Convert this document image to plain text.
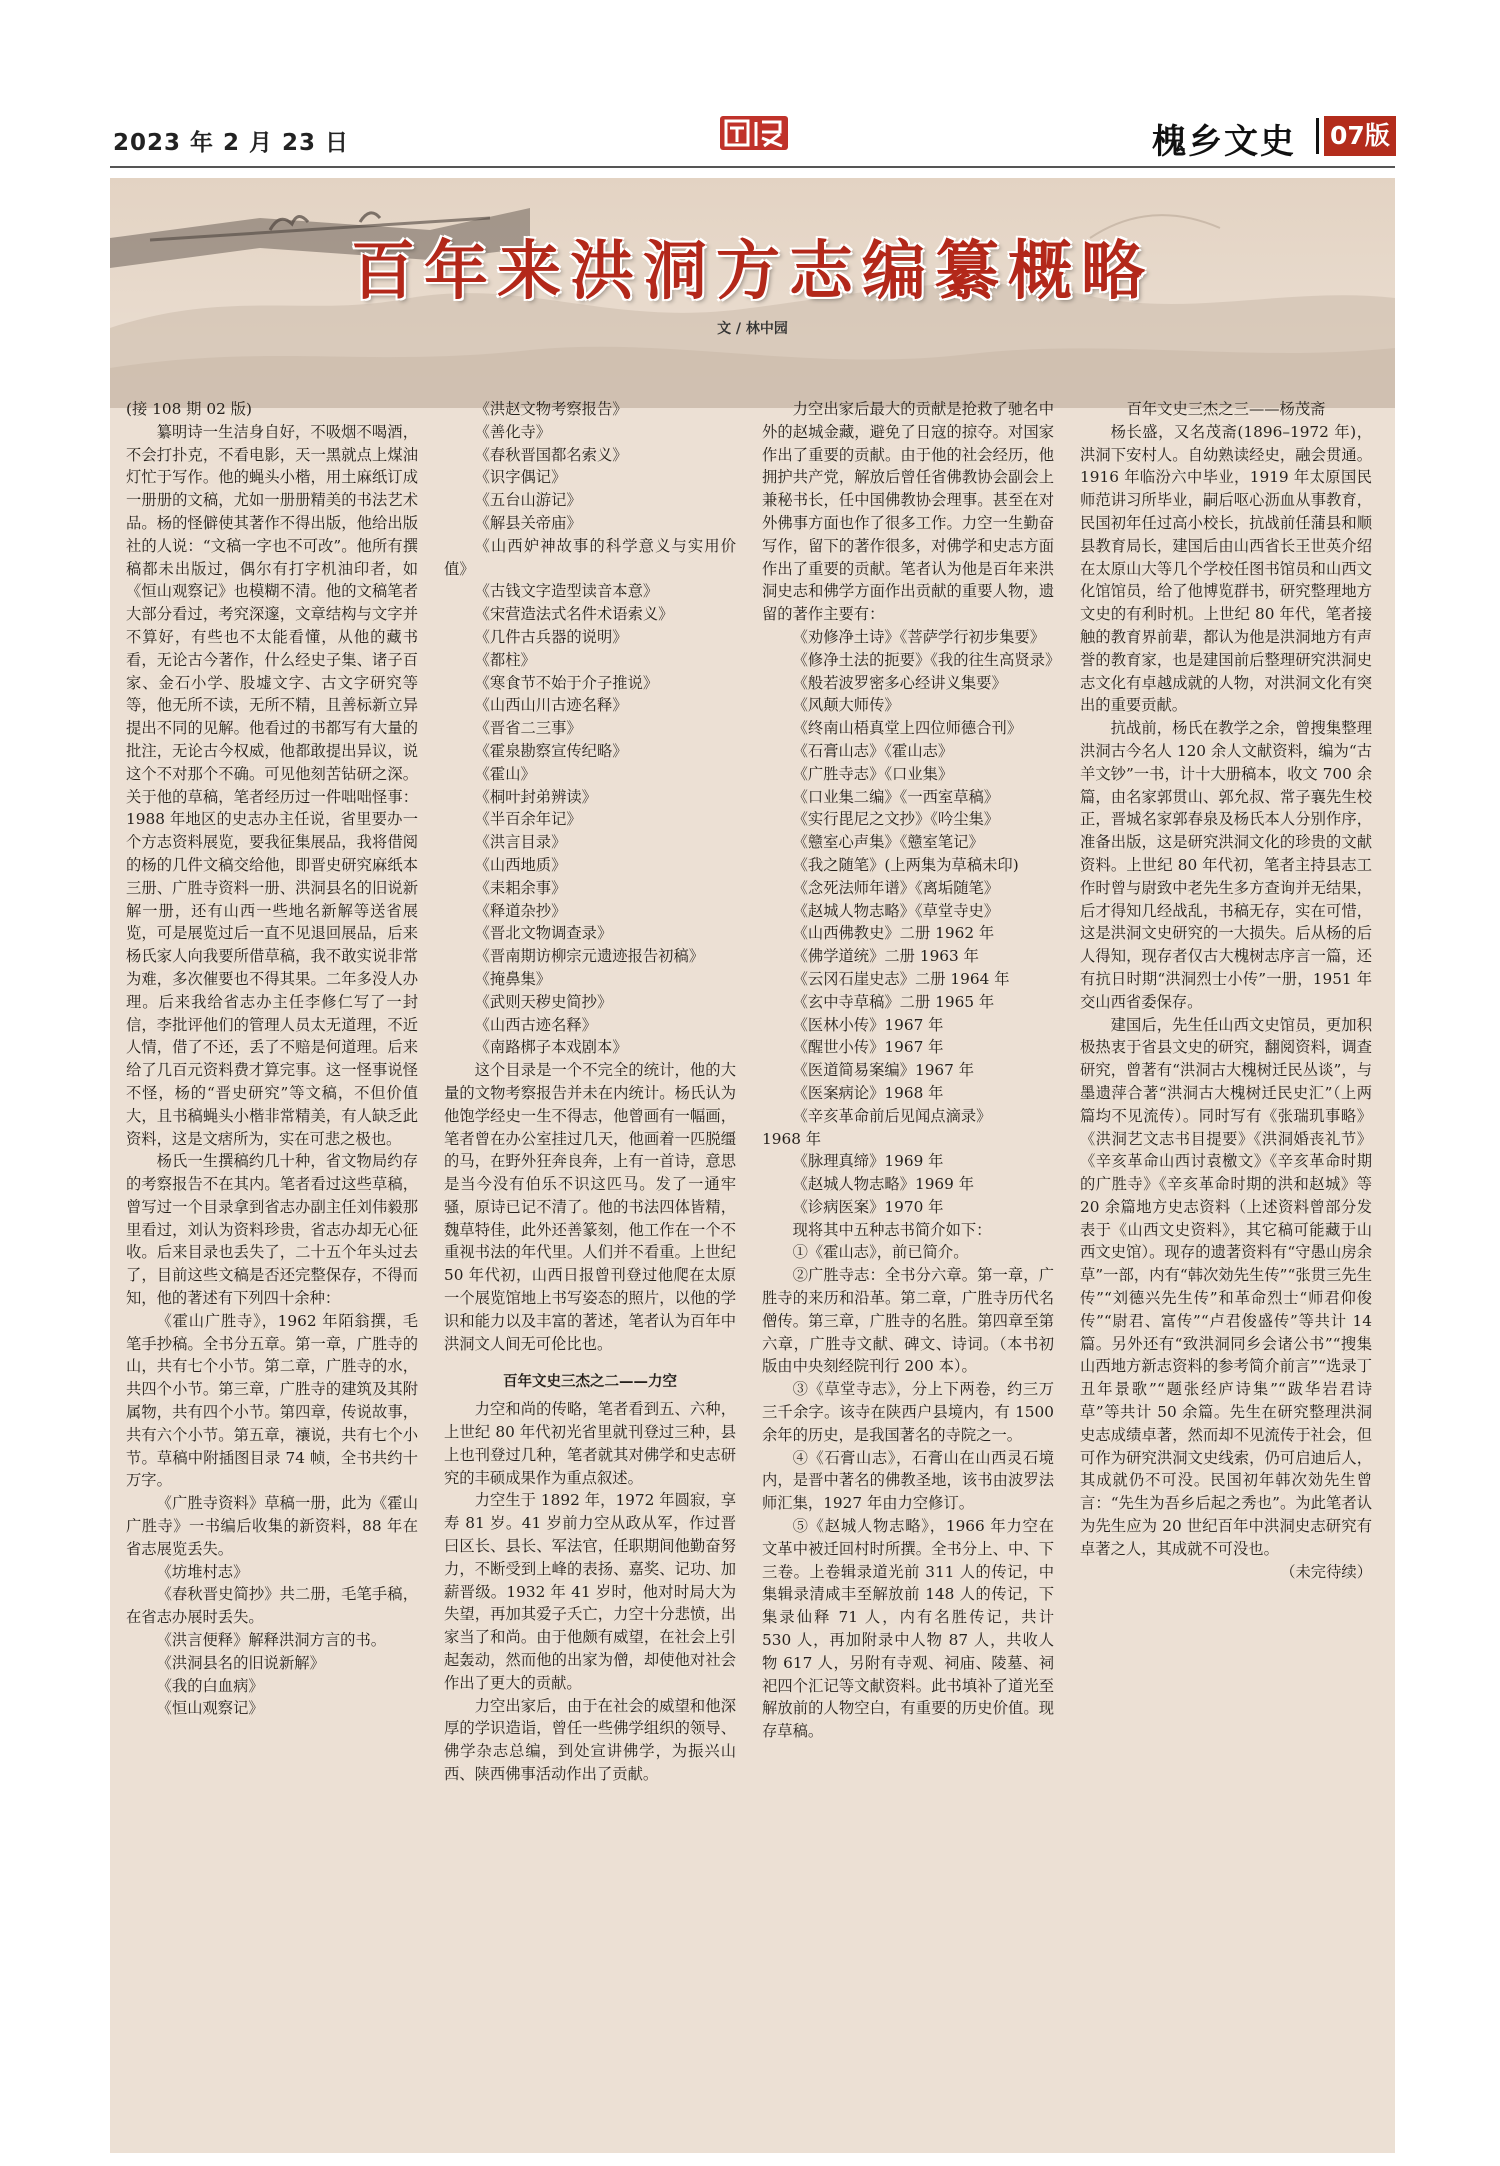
2023 年 2 月 23 日	槐乡文史 07版
百年来洪洞方志编纂概略
文 / 林中园

(接 108 期 02 版)

纂明诗一生洁身自好，不吸烟不喝酒，不会打扑克，不看电影，天一黑就点上煤油灯忙于写作。他的蝇头小楷，用土麻纸订成一册册的文稿，尤如一册册精美的书法艺术品。杨的怪僻使其著作不得出版，他给出版社的人说：“文稿一字也不可改”。他所有撰稿都未出版过，偶尔有打字机油印者，如《恒山观察记》也模糊不清。他的文稿笔者大部分看过，考究深邃，文章结构与文字并不算好，有些也不太能看懂，从他的藏书看，无论古今著作，什么经史子集、诸子百家、金石小学、股墟文字、古文字研究等等，他无所不读，无所不精，且善标新立异提出不同的见解。他看过的书都写有大量的批注，无论古今权威，他都敢提出异议，说这个不对那个不确。可见他刻苦钻研之深。关于他的草稿，笔者经历过一件咄咄怪事：1988 年地区的史志办主任说，省里要办一个方志资料展览，要我征集展品，我将借阅的杨的几件文稿交给他，即晋史研究麻纸本三册、广胜寺资料一册、洪洞县名的旧说新解一册，还有山西一些地名新解等送省展览，可是展览过后一直不见退回展品，后来杨氏家人向我要所借草稿，我不敢实说非常为难，多次催要也不得其果。二年多没人办理。后来我给省志办主任李修仁写了一封信，李批评他们的管理人员太无道理，不近人情，借了不还，丢了不赔是何道理。后来给了几百元资料费才算完事。这一怪事说怪不怪，杨的“晋史研究”等文稿，不但价值大，且书稿蝇头小楷非常精美，有人缺乏此资料，这是文痞所为，实在可悲之极也。

杨氏一生撰稿约几十种，省文物局约存的考察报告不在其内。笔者看过这些草稿，曾写过一个目录拿到省志办副主任刘伟毅那里看过，刘认为资料珍贵，省志办却无心征收。后来目录也丢失了，二十五个年头过去了，目前这些文稿是否还完整保存，不得而知，他的著述有下列四十余种：

《霍山广胜寺》，1962 年陌翁撰，毛笔手抄稿。全书分五章。第一章，广胜寺的山，共有七个小节。第二章，广胜寺的水，共四个小节。第三章，广胜寺的建筑及其附属物，共有四个小节。第四章，传说故事，共有六个小节。第五章，禳说，共有七个小节。草稿中附插图目录 74 帧，全书共约十万字。

《广胜寺资料》草稿一册，此为《霍山广胜寺》一书编后收集的新资料，88 年在省志展览丢失。

《坊堆村志》

《春秋晋史简抄》共二册，毛笔手稿，在省志办展时丢失。

《洪言便释》解释洪洞方言的书。

《洪洞县名的旧说新解》

《我的白血病》

《恒山观察记》

《洪赵文物考察报告》
《善化寺》
《春秋晋国都名索义》
《识字偶记》
《五台山游记》
《解县关帝庙》
《山西妒神故事的科学意义与实用价值》
《古钱文字造型读音本意》
《宋营造法式名件术语索义》
《几件古兵器的说明》
《都柱》
《寒食节不始于介子推说》
《山西山川古迹名释》
《晋省二三事》
《霍泉勘察宣传纪略》
《霍山》
《桐叶封弟辨读》
《半百余年记》
《洪言目录》
《山西地质》
《耒耜余事》
《释道杂抄》
《晋北文物调查录》
《晋南期访柳宗元遗迹报告初稿》
《掩鼻集》
《武则天秽史简抄》
《山西古迹名释》
《南路梆子本戏剧本》

这个目录是一个不完全的统计，他的大量的文物考察报告并未在内统计。杨氏认为他饱学经史一生不得志，他曾画有一幅画，笔者曾在办公室挂过几天，他画着一匹脱缰的马，在野外狂奔良奔，上有一首诗，意思是当今没有伯乐不识这匹马。发了一通牢骚，原诗已记不清了。他的书法四体皆精，魏草特佳，此外还善篆刻，他工作在一个不重视书法的年代里。人们并不看重。上世纪 50 年代初，山西日报曾刊登过他爬在太原一个展览馆地上书写姿态的照片，以他的学识和能力以及丰富的著述，笔者认为百年中洪洞文人间无可伦比也。

百年文史三杰之二——力空

力空和尚的传略，笔者看到五、六种，上世纪 80 年代初光省里就刊登过三种，县上也刊登过几种，笔者就其对佛学和史志研究的丰硕成果作为重点叙述。

力空生于 1892 年，1972 年圆寂，享寿 81 岁。41 岁前力空从政从军，作过晋曰区长、县长、军法官，任职期间他勤奋努力，不断受到上峰的表扬、嘉奖、记功、加薪晋级。1932 年 41 岁时，他对时局大为失望，再加其爱子夭亡，力空十分悲愤，出家当了和尚。由于他颇有威望，在社会上引起轰动，然而他的出家为僧，却使他对社会作出了更大的贡献。

力空出家后，由于在社会的威望和他深厚的学识造诣，曾任一些佛学组织的领导、佛学杂志总编，到处宣讲佛学，为振兴山西、陕西佛事活动作出了贡献。

力空出家后最大的贡献是抢救了驰名中外的赵城金藏，避免了日寇的掠夺。对国家作出了重要的贡献。由于他的社会经历，他拥护共产党，解放后曾任省佛教协会副会上兼秘书长，任中国佛教协会理事。甚至在对外佛事方面也作了很多工作。力空一生勤奋写作，留下的著作很多，对佛学和史志方面作出了重要的贡献。笔者认为他是百年来洪洞史志和佛学方面作出贡献的重要人物，遗留的著作主要有：

《劝修净土诗》《菩萨学行初步集要》
《修净土法的扼要》《我的往生高贤录》
《般若波罗密多心经讲义集要》
《风颠大师传》
《终南山梧真堂上四位师德合刊》
《石膏山志》《霍山志》
《广胜寺志》《口业集》
《口业集二编》《一西室草稿》
《实行毘尼之文抄》《吟尘集》
《戆室心声集》《戆室笔记》
《我之随笔》(上两集为草稿未印)
《念死法师年谱》《离垢随笔》
《赵城人物志略》《草堂寺史》
《山西佛教史》二册 1962 年
《佛学道统》二册 1963 年
《云冈石崖史志》二册 1964 年
《玄中寺草稿》二册 1965 年
《医林小传》1967 年
《醒世小传》1967 年
《医道简易案编》1967 年
《医案病论》1968 年
《辛亥革命前后见闻点滴录》
1968 年
《脉理真缔》1969 年
《赵城人物志略》1969 年
《诊病医案》1970 年

现将其中五种志书简介如下：

①《霍山志》，前已简介。

②广胜寺志：全书分六章。第一章，广胜寺的来历和沿革。第二章，广胜寺历代名僧传。第三章，广胜寺的名胜。第四章至第六章，广胜寺文献、碑文、诗词。（本书初版由中央刻经院刊行 200 本）。

③《草堂寺志》，分上下两卷，约三万三千余字。该寺在陕西户县境内，有 1500 余年的历史，是我国著名的寺院之一。

④《石膏山志》，石膏山在山西灵石境内，是晋中著名的佛教圣地，该书由波罗法师汇集，1927 年由力空修订。

⑤《赵城人物志略》，1966 年力空在文革中被迁回村时所撰。全书分上、中、下三卷。上卷辑录道光前 311 人的传记，中集辑录清咸丰至解放前 148 人的传记，下集录仙释 71 人，内有名胜传记，共计 530 人，再加附录中人物 87 人，共收人物 617 人，另附有寺观、祠庙、陵墓、祠祀四个汇记等文献资料。此书填补了道光至解放前的人物空白，有重要的历史价值。现存草稿。

百年文史三杰之三——杨茂斋

杨长盛，又名茂斋(1896–1972 年)，洪洞下安村人。自幼熟读经史，融会贯通。1916 年临汾六中毕业，1919 年太原国民师范讲习所毕业，嗣后呕心沥血从事教育，民国初年任过高小校长，抗战前任蒲县和顺县教育局长，建国后由山西省长王世英介绍在太原山大等几个学校任图书馆员和山西文化馆馆员，给了他博览群书，研究整理地方文史的有利时机。上世纪 80 年代，笔者接触的教育界前辈，都认为他是洪洞地方有声誉的教育家，也是建国前后整理研究洪洞史志文化有卓越成就的人物，对洪洞文化有突出的重要贡献。

抗战前，杨氏在教学之余，曾搜集整理洪洞古今名人 120 余人文献资料，编为“古羊文钞”一书，计十大册稿本，收文 700 余篇，由名家郭贯山、郭允叔、常子襄先生校正，晋城名家郭春泉及杨氏本人分别作序，准备出版，这是研究洪洞文化的珍贵的文献资料。上世纪 80 年代初，笔者主持县志工作时曾与尉致中老先生多方查询并无结果，后才得知几经战乱，书稿无存，实在可惜，这是洪洞文史研究的一大损失。后从杨的后人得知，现存者仅古大槐树志序言一篇，还有抗日时期“洪洞烈士小传”一册，1951 年交山西省委保存。

建国后，先生任山西文史馆员，更加积极热衷于省县文史的研究，翻阅资料，调查研究，曾著有“洪洞古大槐树迁民丛谈”，与墨遗萍合著“洪洞古大槐树迁民史汇”（上两篇均不见流传）。同时写有《张瑞玑事略》《洪洞艺文志书目提要》《洪洞婚丧礼节》《辛亥革命山西讨袁檄文》《辛亥革命时期的广胜寺》《辛亥革命时期的洪和赵城》等 20 余篇地方史志资料（上述资料曾部分发表于《山西文史资料》，其它稿可能藏于山西文史馆）。现存的遗著资料有“守愚山房余草”一部，内有“韩次効先生传”“张贯三先生传”“刘德兴先生传”和革命烈士“师君仰俊传”“尉君、富传”“卢君俊盛传”等共计 14 篇。另外还有“致洪洞同乡会诸公书”“搜集山西地方新志资料的参考简介前言”“选录丁丑年景歌”“题张经庐诗集”“跋华岩君诗草”等共计 50 余篇。先生在研究整理洪洞史志成绩卓著，然而却不见流传于社会，但可作为研究洪洞文史线索，仍可启迪后人，其成就仍不可没。民国初年韩次効先生曾言：“先生为吾乡后起之秀也”。为此笔者认为先生应为 20 世纪百年中洪洞史志研究有卓著之人，其成就不可没也。

（未完待续）
